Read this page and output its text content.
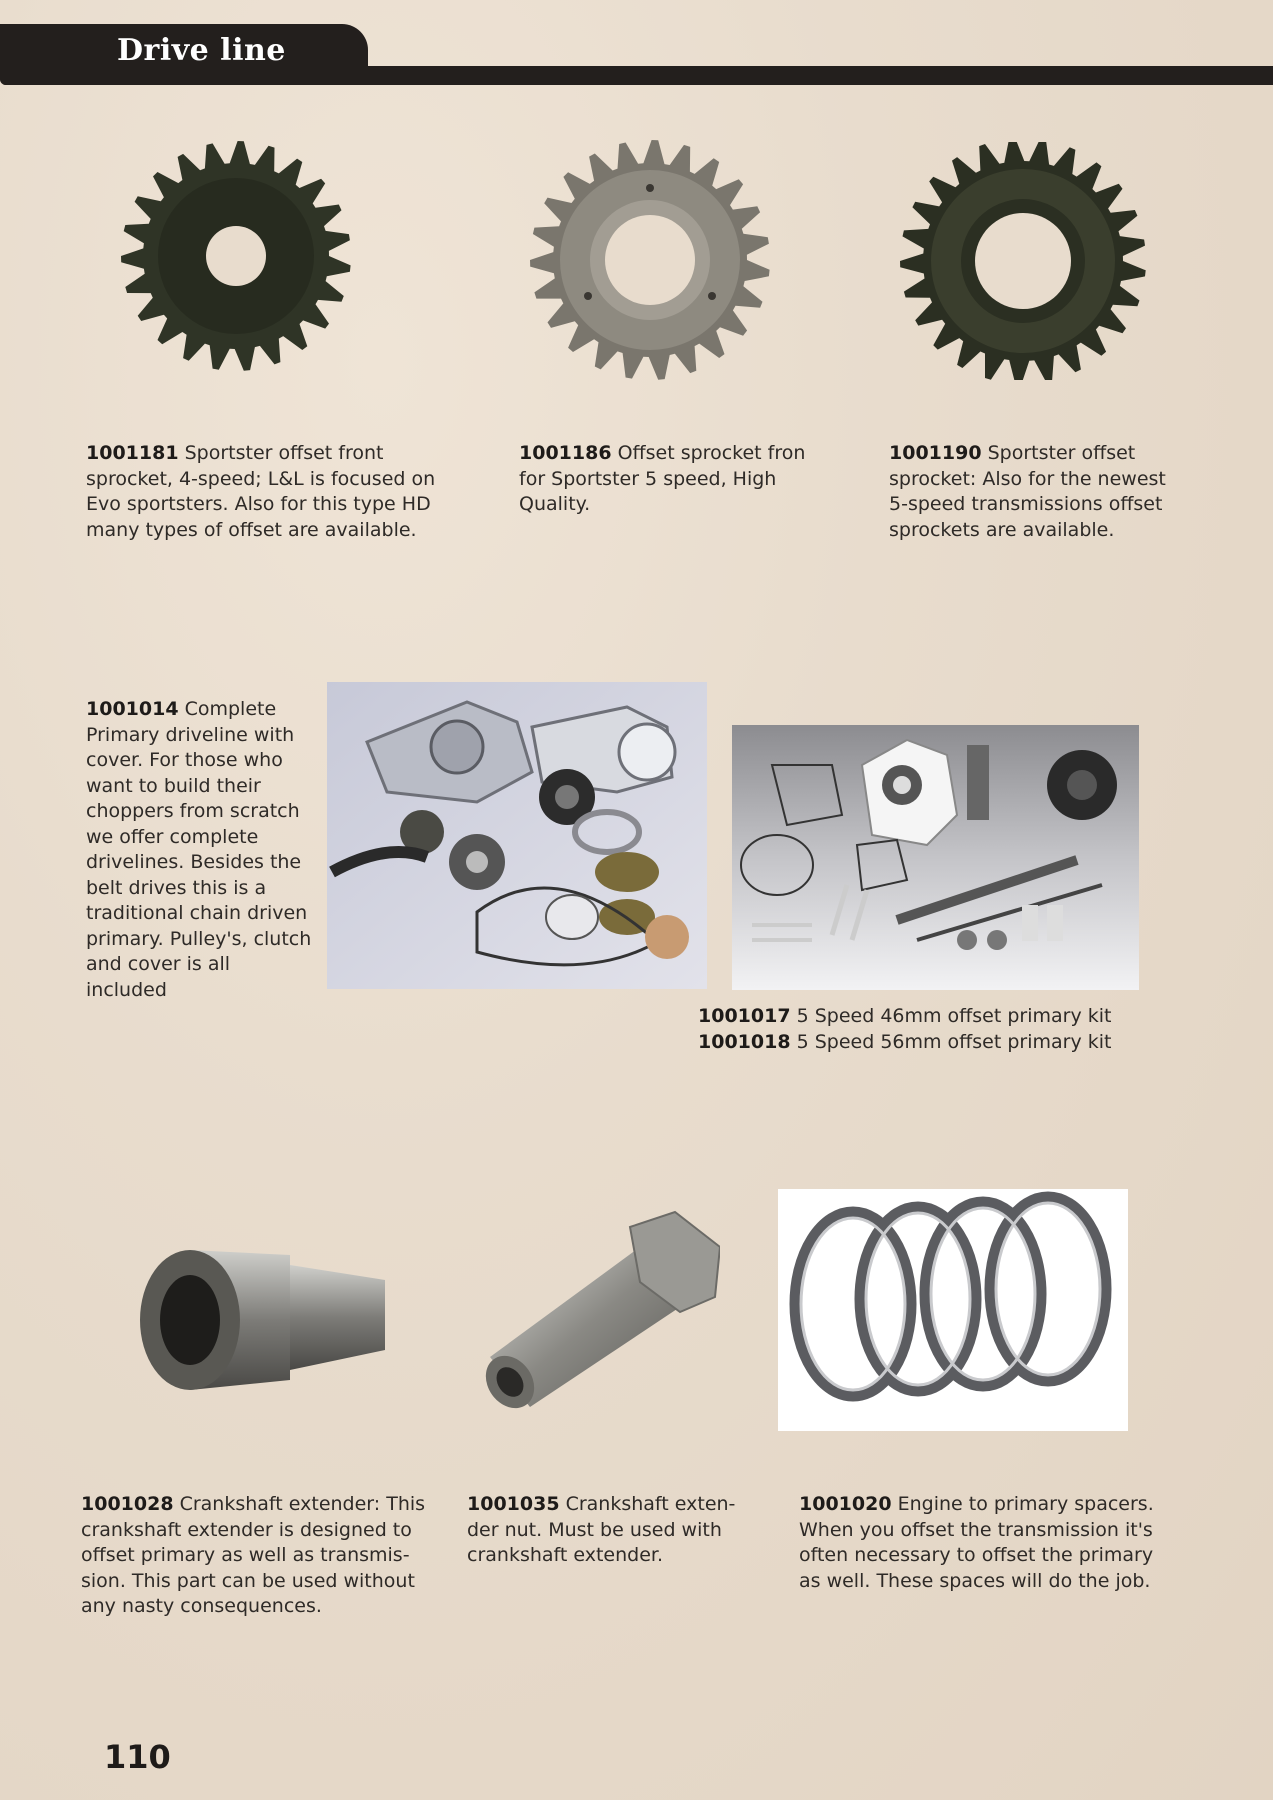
Drive line

1001181 Sportster offset front sprocket, 4-speed; L&L is focused on Evo sportsters. Also for this type HD many types of offset are available.

1001186 Offset sprocket fron for Sportster 5 speed, High Quality.

1001190 Sportster offset sprocket: Also for the newest 5-speed transmissions offset sprockets are available.

1001014 Complete Primary driveline with cover. For those who want to build their choppers from scratch we offer complete drivelines. Besides the belt drives this is a traditional chain driven primary. Pulley's, clutch and cover is all included

1001017 5 Speed 46mm offset primary kit
1001018 5 Speed 56mm offset primary kit

1001028 Crankshaft extender: This crankshaft extender is designed to offset primary as well as transmis-sion. This part can be used without any nasty consequences.

1001035 Crankshaft exten-der nut. Must be used with crankshaft extender.

1001020 Engine to primary spacers. When you offset the transmission it's often necessary to offset the primary as well. These spaces will do the job.

110
